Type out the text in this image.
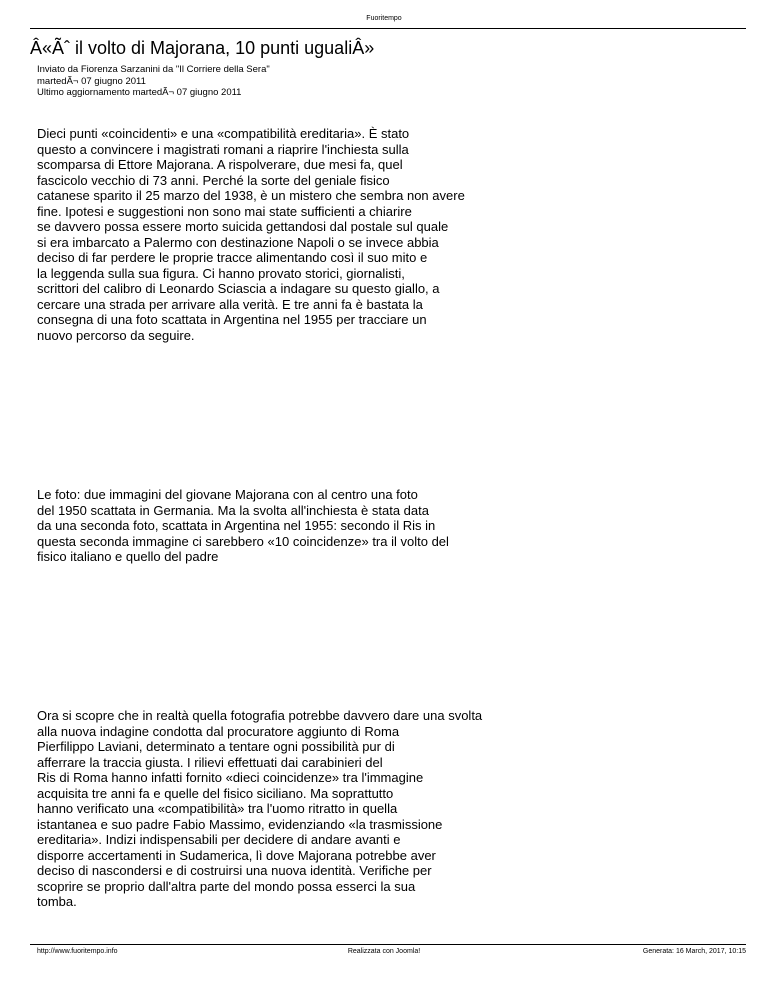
Fuoritempo
Â«Ãˆ il volto di Majorana, 10 punti ugualiÂ»
Inviato da Fiorenza Sarzanini da "Il Corriere della Sera"
martedÃ¬ 07 giugno 2011
Ultimo aggiornamento martedÃ¬ 07 giugno 2011

Dieci punti «coincidenti» e una «compatibilità ereditaria». È stato
questo a convincere i magistrati romani a riaprire l'inchiesta sulla
scomparsa di Ettore Majorana. A rispolverare, due mesi fa, quel
fascicolo vecchio di 73 anni. Perché la sorte del geniale fisico
catanese sparito il 25 marzo del 1938, è un mistero che sembra non avere
fine. Ipotesi e suggestioni non sono mai state sufficienti a chiarire
se davvero possa essere morto suicida gettandosi dal postale sul quale
si era imbarcato a Palermo con destinazione Napoli o se invece abbia
deciso di far perdere le proprie tracce alimentando così il suo mito e
la leggenda sulla sua figura. Ci hanno provato storici, giornalisti,
scrittori del calibro di Leonardo Sciascia a indagare su questo giallo, a
cercare una strada per arrivare alla verità. E tre anni fa è bastata la
consegna di una foto scattata in Argentina nel 1955 per tracciare un
nuovo percorso da seguire.

Le foto: due immagini del giovane Majorana con al centro una foto
del 1950 scattata in Germania. Ma la svolta all'inchiesta è stata data
da una seconda foto, scattata in Argentina nel 1955: secondo il Ris in
questa seconda immagine ci sarebbero «10 coincidenze» tra il volto del
fisico italiano e quello del padre

Ora si scopre che in realtà quella fotografia potrebbe davvero dare una svolta
alla nuova indagine condotta dal procuratore aggiunto di Roma
Pierfilippo Laviani, determinato a tentare ogni possibilità pur di
afferrare la traccia giusta. I rilievi effettuati dai carabinieri del
Ris di Roma hanno infatti fornito «dieci coincidenze» tra l'immagine
acquisita tre anni fa e quelle del fisico siciliano. Ma soprattutto
hanno verificato una «compatibilità» tra l'uomo ritratto in quella
istantanea e suo padre Fabio Massimo, evidenziando «la trasmissione
ereditaria». Indizi indispensabili per decidere di andare avanti e
disporre accertamenti in Sudamerica, lì dove Majorana potrebbe aver
deciso di nascondersi e di costruirsi una nuova identità. Verifiche per
scoprire se proprio dall'altra parte del mondo possa esserci la sua
tomba.

http://www.fuoritempo.info	Realizzata con Joomla!	Generata: 16 March, 2017, 10:15
